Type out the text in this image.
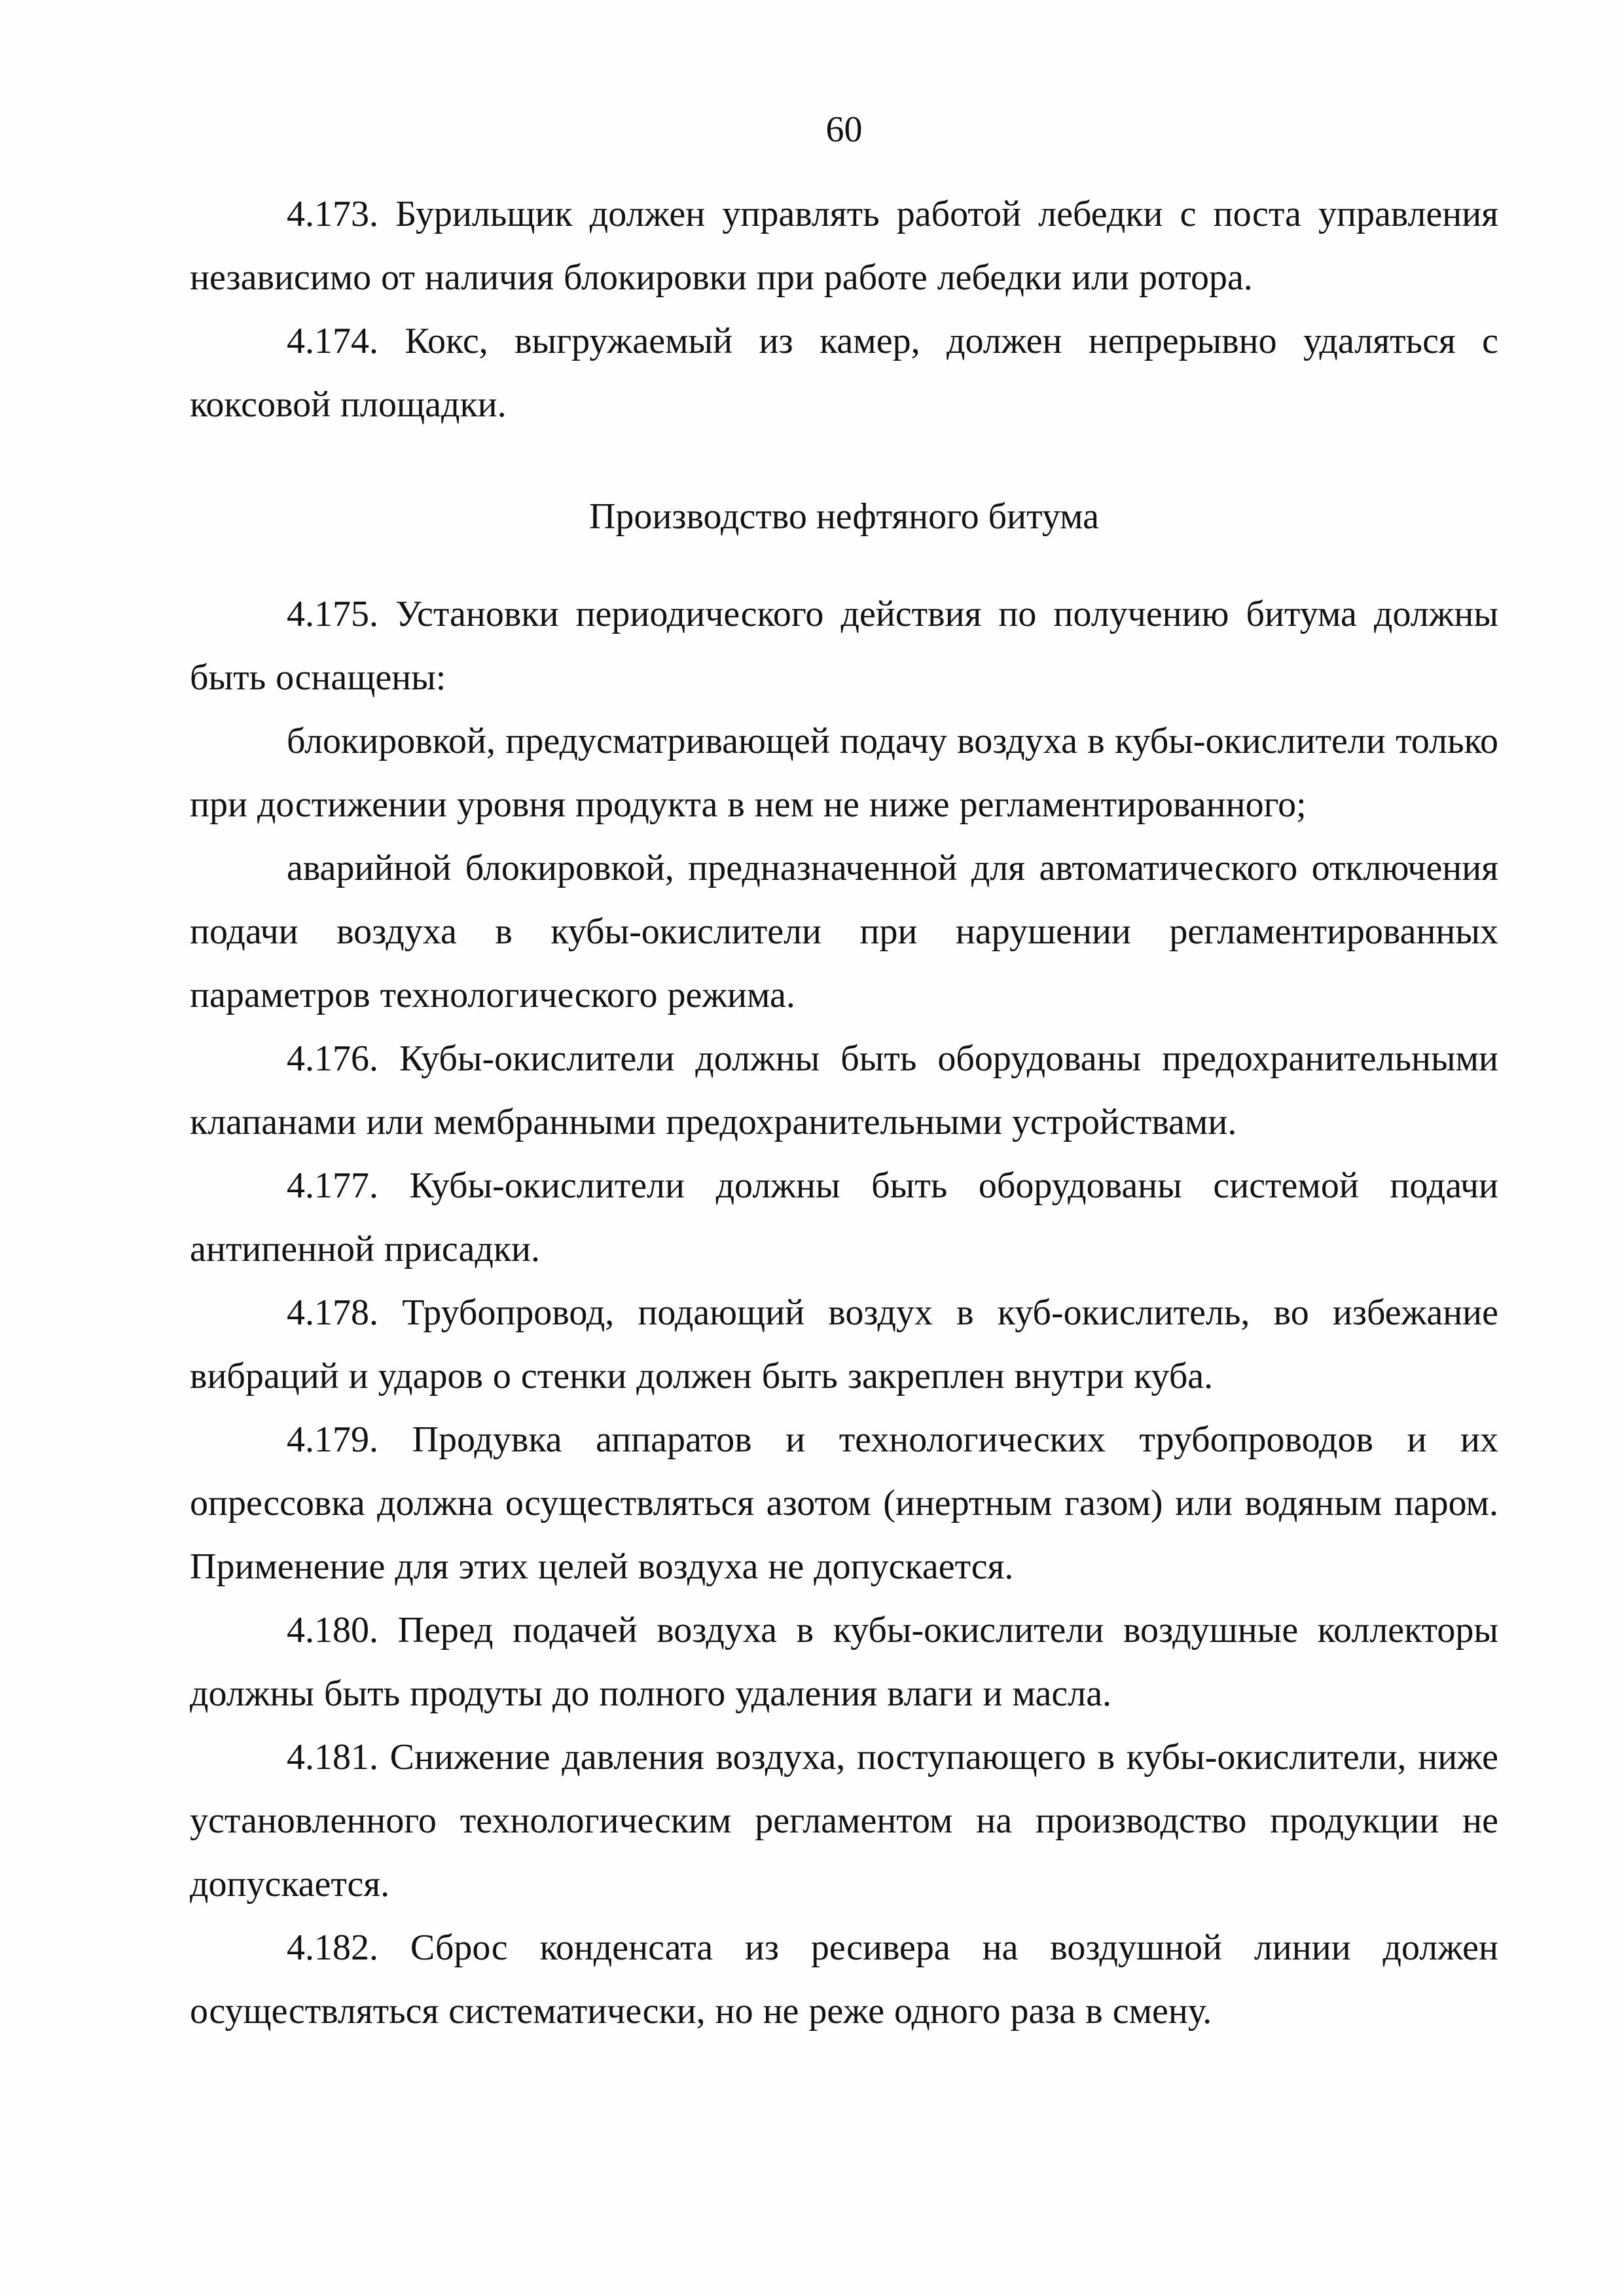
60

4.173. Бурильщик должен управлять работой лебедки с поста управления независимо от наличия блокировки при работе лебедки или ротора.

4.174. Кокс, выгружаемый из камер, должен непрерывно удаляться с коксовой площадки.

Производство нефтяного битума

4.175. Установки периодического действия по получению битума должны быть оснащены:

блокировкой, предусматривающей подачу воздуха в кубы-окислители только при достижении уровня продукта в нем не ниже регламентированного;

аварийной блокировкой, предназначенной для автоматического отключения подачи воздуха в кубы-окислители при нарушении регламентированных параметров технологического режима.

4.176. Кубы-окислители должны быть оборудованы предохранительными клапанами или мембранными предохранительными устройствами.

4.177. Кубы-окислители должны быть оборудованы системой подачи антипенной присадки.

4.178. Трубопровод, подающий воздух в куб-окислитель, во избежание вибраций и ударов о стенки должен быть закреплен внутри куба.

4.179. Продувка аппаратов и технологических трубопроводов и их опрессовка должна осуществляться азотом (инертным газом) или водяным паром. Применение для этих целей воздуха не допускается.

4.180. Перед подачей воздуха в кубы-окислители воздушные коллекторы должны быть продуты до полного удаления влаги и масла.

4.181. Снижение давления воздуха, поступающего в кубы-окислители, ниже установленного технологическим регламентом на производство продукции не допускается.

4.182. Сброс конденсата из ресивера на воздушной линии должен осуществляться систематически, но не реже одного раза в смену.
